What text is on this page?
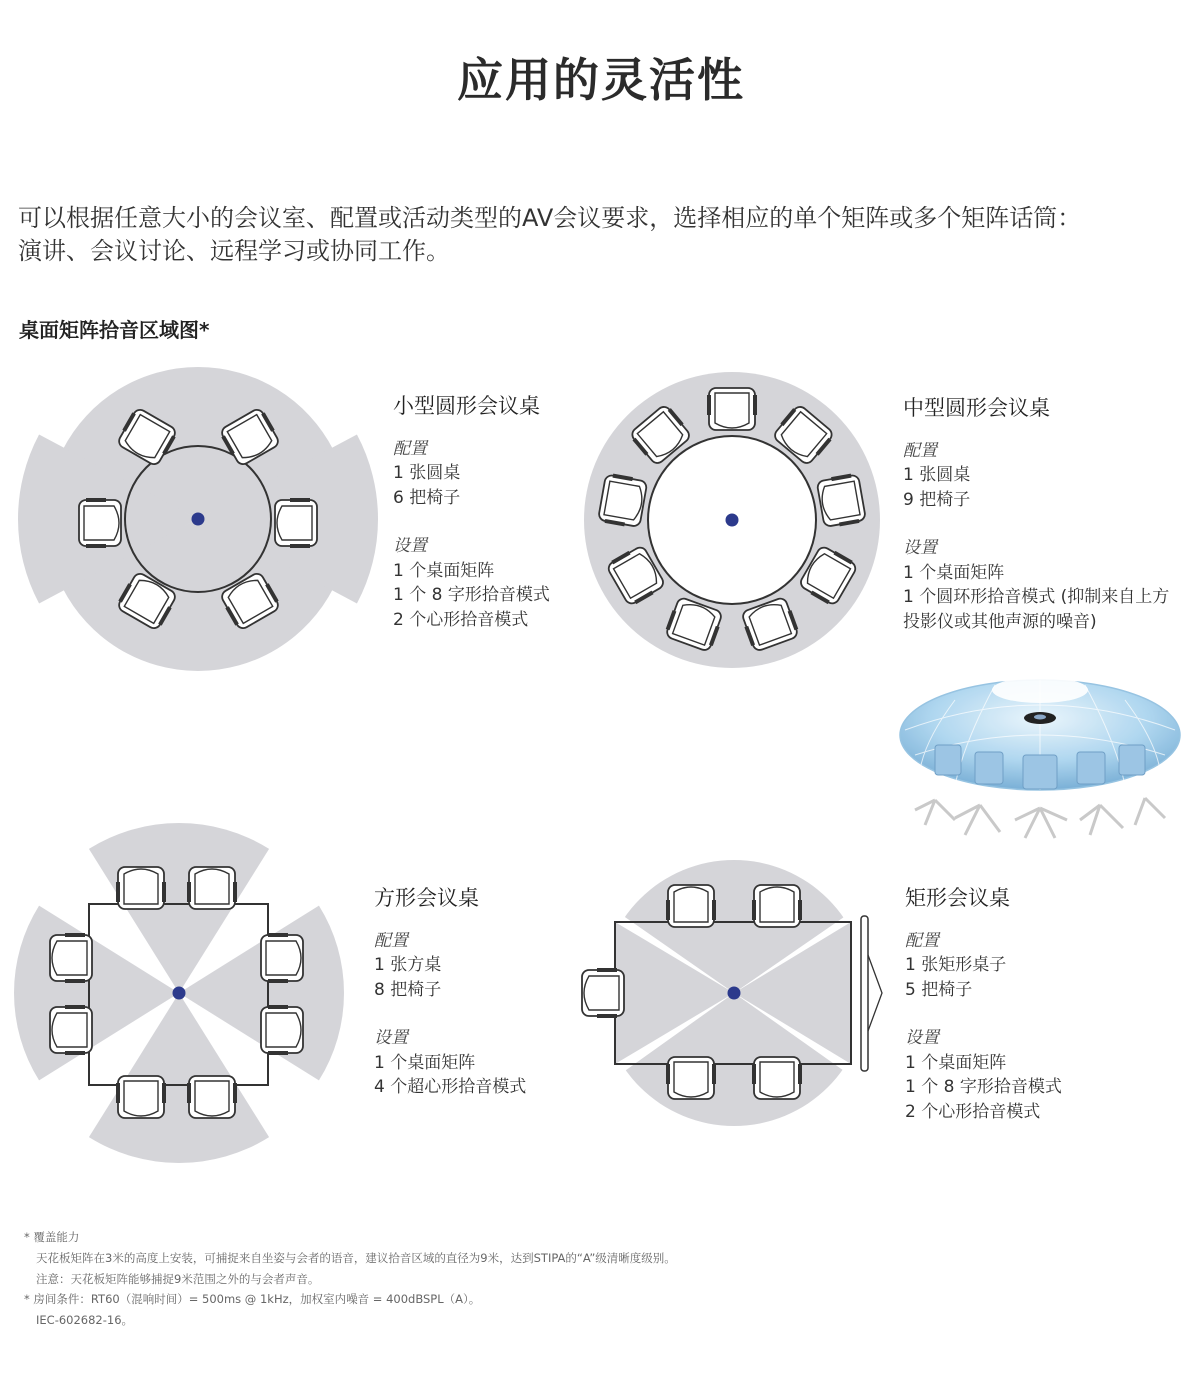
应用的灵活性
可以根据任意大小的会议室、配置或活动类型的AV会议要求，选择相应的单个矩阵或多个矩阵话筒：
演讲、会议讨论、远程学习或协同工作。
桌面矩阵拾音区域图*

小型圆形会议桌

配置

1 张圆桌

6 把椅子

设置

1 个桌面矩阵

1 个 8 字形拾音模式

2 个心形拾音模式

中型圆形会议桌

配置

1 张圆桌

9 把椅子

设置

1 个桌面矩阵

1 个圆环形拾音模式 (抑制来自上方

投影仪或其他声源的噪音)

方形会议桌

配置

1 张方桌

8 把椅子

设置

1 个桌面矩阵

4 个超心形拾音模式

矩形会议桌

配置

1 张矩形桌子

5 把椅子

设置

1 个桌面矩阵

1 个 8 字形拾音模式

2 个心形拾音模式

* 覆盖能力

天花板矩阵在3米的高度上安装，可捕捉来自坐姿与会者的语音，建议拾音区域的直径为9米，达到STIPA的“A”级清晰度级别。

注意：天花板矩阵能够捕捉9米范围之外的与会者声音。

* 房间条件：RT60（混响时间）= 500ms @ 1kHz，加权室内噪音 = 400dBSPL（A）。

IEC-602682-16。
